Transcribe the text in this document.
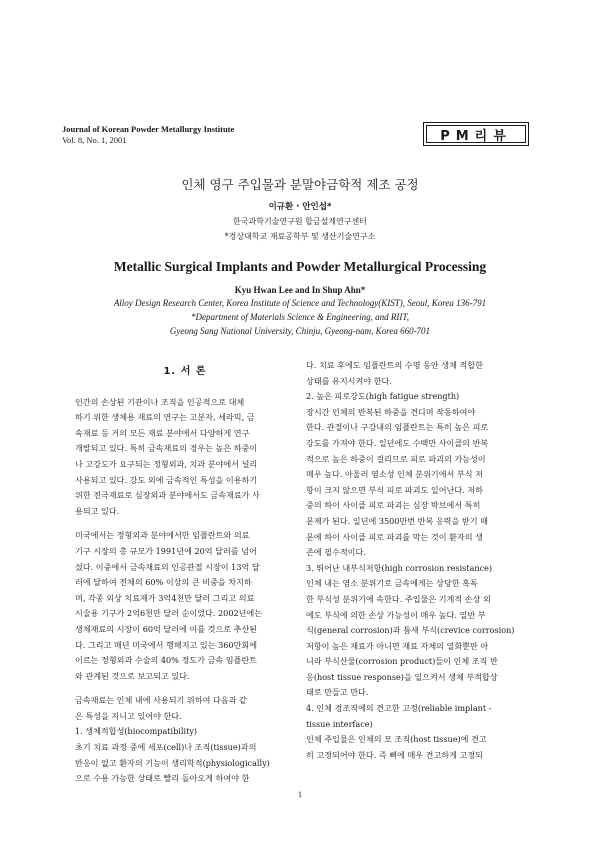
Journal of Korean Powder Metallurgy Institute
Vol. 8, No. 1, 2001	PM리뷰
인체 영구 주입물과 분말야금학적 제조 공정
이규환 · 안인섭*
한국과학기술연구원 합금설계연구센터
*경상대학교 재료공학부 및 생산기술연구소
Metallic Surgical Implants and Powder Metallurgical Processing
Kyu Hwan Lee and In Shup Ahn*
Alloy Design Research Center, Korea Institute of Science and Technology(KIST), Seoul, Korea 136-791
*Department of Materials Science & Engineering, and RIIT,
Gyeong Sang National University, Chinju, Gyeong-nam, Korea 660-701
1. 서 론
인간의 손상된 기관이나 조직을 인공적으로 대체
하기 위한 생체용 재료의 연구는 고분자, 세라믹, 금
속재료 등 거의 모든 재료 분야에서 다양하게 연구
개발되고 있다. 특히 금속재료의 경우는 높은 하중이
나 고강도가 요구되는 정형외과, 치과 분야에서 널리
사용되고 있다. 강도 외에 금속적인 특성을 이용하기
위한 전극재료로 심장외과 분야에서도 금속재료가 사
용되고 있다.
미국에서는 정형외과 분야에서만 임플란트와 의료
기구 시장의 총 규모가 1991년에 20억 달러를 넘어
섰다. 이중에서 금속재료의 인공관절 시장이 13억 달
러에 달하여 전체의 60% 이상의 큰 비중을 차지하
며, 각종 외상 치료제가 3억4천만 달러 그리고 의료
시술용 기구가 2억6천만 달러 순이었다. 2002년에는
생체재료의 시장이 60억 달러에 이를 것으로 추산된
다. 그리고 매년 미국에서 행해지고 있는 360만회에
이르는 정형외과 수술의 40% 정도가 금속 임플란트
와 관계된 것으로 보고되고 있다.
금속재료는 인체 내에 사용되기 위하여 다음과 같
은 특성을 지니고 있어야 한다.
1. 생체적합성(biocompatibility)
초기 치료 과정 중에 세포(cell)나 조직(tissue)과의
반응이 없고 환자의 기능이 생리학적(physiologically)
으로 수용 가능한 상태로 빨리 돌아오게 하여야 한
다. 치료 후에도 임플란트의 수명 동안 생체 적합한
상태를 유지시켜야 한다.
2. 높은 피로강도(high fatigue strength)
장시간 인체의 반복된 하중을 견디며 작동하여야
한다. 관절이나 구강내의 임플란트는 특히 높은 피로
강도를 가져야 한다. 일년에도 수백만 사이클의 반복
적으로 높은 하중이 걸리므로 피로 파괴의 가능성이
매우 높다. 아울러 염소성 인체 분위기에서 부식 저
항이 크지 않으면 부식 피로 파괴도 일어난다. 저하
중의 하이 사이클 피로 파괴는 심장 박브에서 특히
문제가 된다. 일년에 3500만번 반복 응력을 받기 때
문에 하이 사이클 피로 파괴를 막는 것이 환자의 생
존에 필수적이다.
3. 뛰어난 내부식저항(high corrosion resistance)
인체 내는 염소 분위기로 금속에게는 상당한 혹독
한 부식성 분위기에 속한다. 주입물은 기계적 손상 외
에도 부식에 의한 손상 가능성이 매우 높다. 일반 부
식(general corrosion)과 틈새 부식(crevice corrosion)
저항이 높은 재료가 아니면 재료 자체의 열화뿐만 아
니라 부식산물(corrosion product)들이 인체 조직 반
응(host tissue response)을 일으켜서 생체 부적합상
태로 만들고 만다.
4. 인체 경조직에의 견고한 고정(reliable implant -
tissue interface)
인체 주입물은 인체의 모 조직(host tissue)에 견고
히 고정되어야 한다. 즉 뼈에 매우 견고하게 고정되
1
